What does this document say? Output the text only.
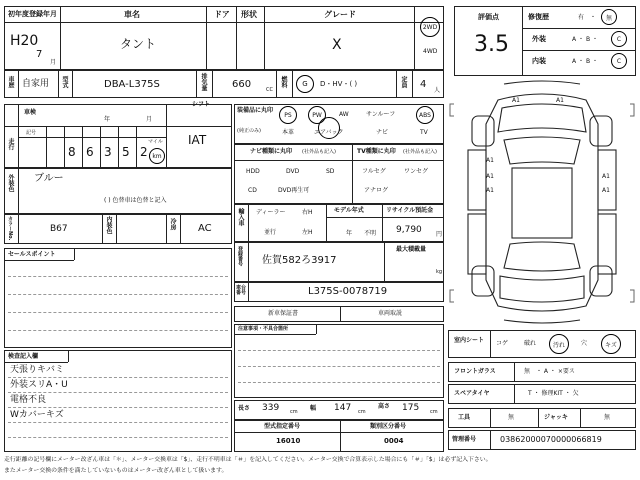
初年度登録年月	車名	ドア 形状	グレード
H20
7
月
タント	X
2WD
4WD
車歴 自家用 型式	DBA-L375S	排気量	660	CC
燃料 G D・HV・( )	定員 4
人
評価点
3.5
修復歴	有 ・ 無
外装	A ・ B ・	C
内装	A ・ B ・	C
車検
年	月
シフト
IAT
走行
記号
8 6 3 5 2
マイル
km
外装色 ブルー
( ) 色替車は色替と記入
カラーNo.	B67	内装色	冷房 AC
セールスポイント
検査記入欄
天張りキバミ
外装スリA・U
電格不良
Wカバーキズ
装備品に丸印
(純正のみ)
PS	PW	AW	サンルーフ	ABS
本革	エアバック	ナビ	TV
ナビ種類に丸印 (社外品も記入)	TV種類に丸印 (社外品も記入)
HDD	DVD	SD
CD	DVD再生可
フルセグ	ワンセグ
アナログ
輸入車 ディーラー
並行
右H
左H
モデル年式
年 不明
リサイクル預託金
9,790 円
登録番号 佐賀582ろ3917
最大積載量
kg
車台番号	L375S-0078719
新車保証書	車両取説
注意事項・不具合箇所
長さ 339 cm 幅 147 cm
高さ 175 cm
型式指定番号
16010
類別区分番号
0004
A1	A1
A1
A1
A1
A1
A1
室内シート コゲ	破れ	汚れ	穴	キズ
フロントガラス	無 ・ A ・ ×要ス
スペアタイヤ	T ・ 修理KIT ・ 欠
工具	無	ジャッキ	無
管理番号	03862000070000066819
走行距離の記号欄にメーター改ざん車は「＊」、メーター交換車は「$」、走行不明車は「＃」を記入してください。メーター交換で合算表示した場合にも「＃」「$」は必ず記入下さい。
またメーター交換の条件を満たしていないものはメーター改ざん車として扱います。
